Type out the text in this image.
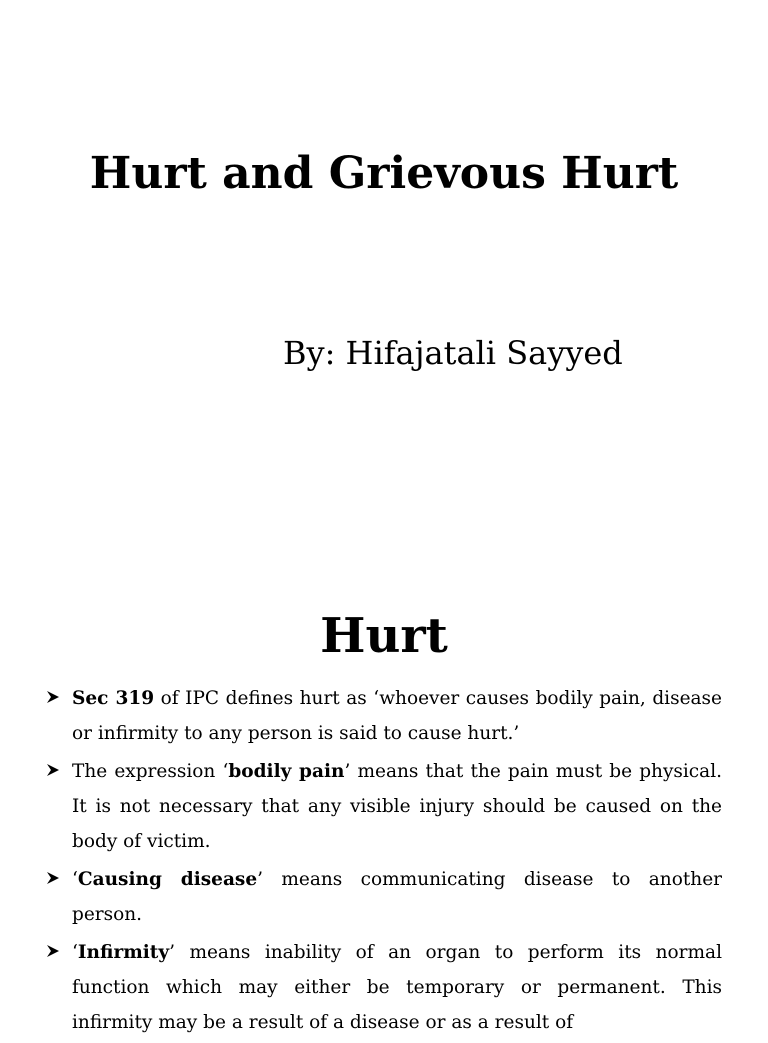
Hurt and Grievous Hurt

By: Hifajatali Sayyed

Hurt
Sec 319 of IPC defines hurt as ‘whoever causes bodily pain, disease or infirmity to any person is said to cause hurt.’
The expression ‘bodily pain’ means that the pain must be physical. It is not necessary that any visible injury should be caused on the body of victim.
‘Causing disease’ means communicating disease to another person.
‘Infirmity’ means inability of an organ to perform its normal function which may either be temporary or permanent. This infirmity may be a result of a disease or as a result of
